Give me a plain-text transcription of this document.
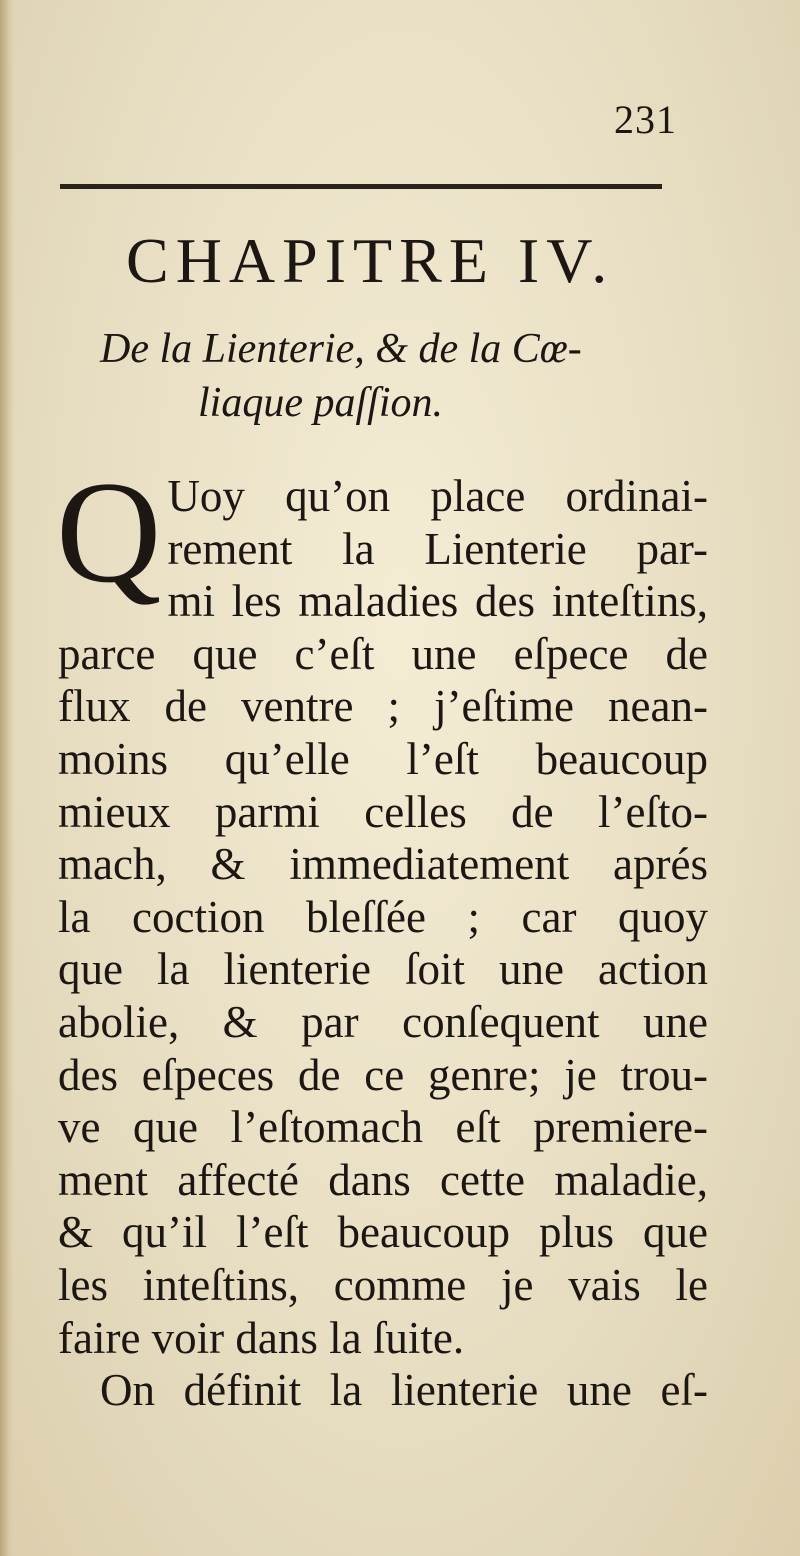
231
CHAPITRE IV.
De la Lienterie, & de la Cœ-
liaque paſſion.
Q Uoy qu’on place ordinai-
rement la Lienterie par-
mi les maladies des inteſtins,
parce que c’eſt une eſpece de
flux de ventre ; j’eſtime nean-
moins qu’elle l’eſt beaucoup
mieux parmi celles de l’eſto-
mach, & immediatement aprés
la coction bleſſée ; car quoy
que la lienterie ſoit une action
abolie, & par conſequent une
des eſpeces de ce genre; je trou-
ve que l’eſtomach eſt premiere-
ment affecté dans cette maladie,
& qu’il l’eſt beaucoup plus que
les inteſtins, comme je vais le
faire voir dans la ſuite.
On définit la lienterie une eſ-
